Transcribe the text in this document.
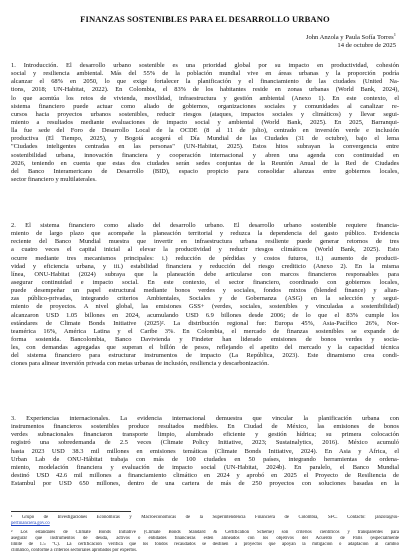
FINANZAS SOSTENIBLES PARA EL DESARROLLO URBANO
John Anzola y Paula Sofía Torres$^1$
14 de octubre de 2025
1. Introducción. El desarrollo urbano sostenible es una prioridad global por su impacto en productividad, cohesión
social y resiliencia ambiental. Más del 55% de la población mundial vive en áreas urbanas y la proporción podría
alcanzar el 68% en 2050, lo que exige fortalecer la planificación y el financiamiento de las ciudades (United Na-
tions, 2018; UN-Habitat, 2022). En Colombia, el 83% de los habitantes reside en zonas urbanas (World Bank, 2024),
lo que acentúa los retos de vivienda, movilidad, infraestructura y gestión ambiental (Anexo 1). En este contexto, el
sistema financiero puede actuar como aliado de gobiernos, organizaciones sociales y comunidades al canalizar re-
cursos hacia proyectos urbanos sostenibles, reducir riesgos (ataques, impactos sociales y climáticos) y llevar segui-
miento a resultados mediante evaluaciones de impacto social y ambiental (World Bank, 2025). En 2025, Barranqui-
lla fue sede del Foro de Desarrollo Local de la OCDE (8 al 11 de julio), centrado en inversión verde e inclusión
productiva (El Tiempo, 2025), y Bogotá acogerá el Día Mundial de las Ciudades (31 de octubre), bajo el lema
"Ciudades inteligentes centradas en las personas" (UN-Habitat, 2025). Estos hitos subrayan la convergencia entre
sostenibilidad urbana, innovación financiera y cooperación internacional y abren una agenda con continuidad en
2026, teniendo en cuenta que estas dos ciudades serán sedes conjuntas de la Reunión Anual de la Red de Ciudades
del Banco Interamericano de Desarrollo (BID), espacio propicio para consolidar alianzas entre gobiernos locales,
sector financiero y multilaterales.
2. El sistema financiero como aliado del desarrollo urbano. El desarrollo urbano sostenible requiere financia-
miento de largo plazo que acompañe la planeación territorial y reduzca la dependencia del gasto público. Evidencia
reciente del Banco Mundial muestra que invertir en infraestructura urbana resiliente puede generar retornos de tres
a cuatro veces el capital inicial al elevar la productividad y reducir riesgos climáticos (World Bank, 2025). Esto
ocurre mediante tres mecanismos principales: i.) reducción de pérdidas y costos futuros, ii.) aumento de producti-
vidad y eficiencia urbana, y iii.) estabilidad financiera y reducción del riesgo crediticio (Anexo 2). En la misma
línea, ONU-Habitat (2024) subraya que la planeación debe articularse con marcos financieros responsables para
asegurar continuidad e impacto social. En este contexto, el sector financiero, coordinado con gobiernos locales,
puede desempeñar un papel estructural mediante bonos verdes y sociales, fondos mixtos (blended finance) y alian-
zas público-privadas, integrando criterios Ambientales, Sociales y de Gobernanza (ASG) en la selección y segui-
miento de proyectos. A nivel global, las emisiones GSS+ (verdes, sociales, sostenibles y vinculadas a sostenibilidad)
alcanzaron USD 1.05 billones en 2024, acumulando USD 6.9 billones desde 2006; de lo que el 83% cumple los
estándares de Climate Bonds Initiative (2025)². La distribución regional fue: Europa 45%, Asia-Pacífico 26%, Nor-
teamérica 16%, América Latina y el Caribe 3%. En Colombia, el mercado de finanzas sostenibles se expande de
forma sostenida. Bancolombia, Banco Davivienda y Findeter han liderado emisiones de bonos verdes y socia-
les, con demandas agregadas que superan el billón de pesos, reflejando el apetito del mercado y la capacidad técnica
del sistema financiero para estructurar instrumentos de impacto (La República, 2023). Este dinamismo crea condi-
ciones para alinear inversión privada con metas urbanas de inclusión, resiliencia y descarbonización.
3. Experiencias internacionales. La evidencia internacional demuestra que vincular la planificación urbana con
instrumentos financieros sostenibles produce resultados medibles. En Ciudad de México, las emisiones de bonos
verdes subnacionales financiaron transporte limpio, alumbrado eficiente y gestión hídrica; su primera colocación
registró una sobredemanda de 2.5 veces (Climate Policy Initiative, 2023; Sustainalytics, 2016). México acumuló
hasta 2023 USD 38.3 mil millones en emisiones temáticas (Climate Bonds Initiative, 2024). En Asia y África, el
Urban Lab de ONU-Hábitat trabaja con más de 100 ciudades en 50 países, integrando herramientas de ordena-
miento, modelación financiera y evaluación de impacto social (UN-Habitat, 2024b). En paralelo, el Banco Mundial
destinó USD 42.6 mil millones a financiamiento climático en 2024 y aprobó en 2025 el Proyecto de Resiliencia de
Estambul por USD 650 millones, dentro de una cartera de más de 250 proyectos con soluciones basadas en la
¹ Grupo de Investigaciones Económicas y Macroeconómicas de la Superintendencia Financiera de Colombia, SFC. Contacto: janzola@su-
perfinanciera.gov.co
² Los estándares de Climate Bonds Initiative (Climate Bonds Standard & Certification Scheme) son criterios científicos y transparentes para
asegurar que instrumentos de deuda, activos o entidades financieras estén alineados con los objetivos del Acuerdo de París (especialmente
limite de 1.5 °C). La certificación verifica que los fondos recaudados se destinen a proyectos que apoyan la mitigación o adaptación al cambio
climático, conforme a criterios sectoriales aprobados por expertos.
